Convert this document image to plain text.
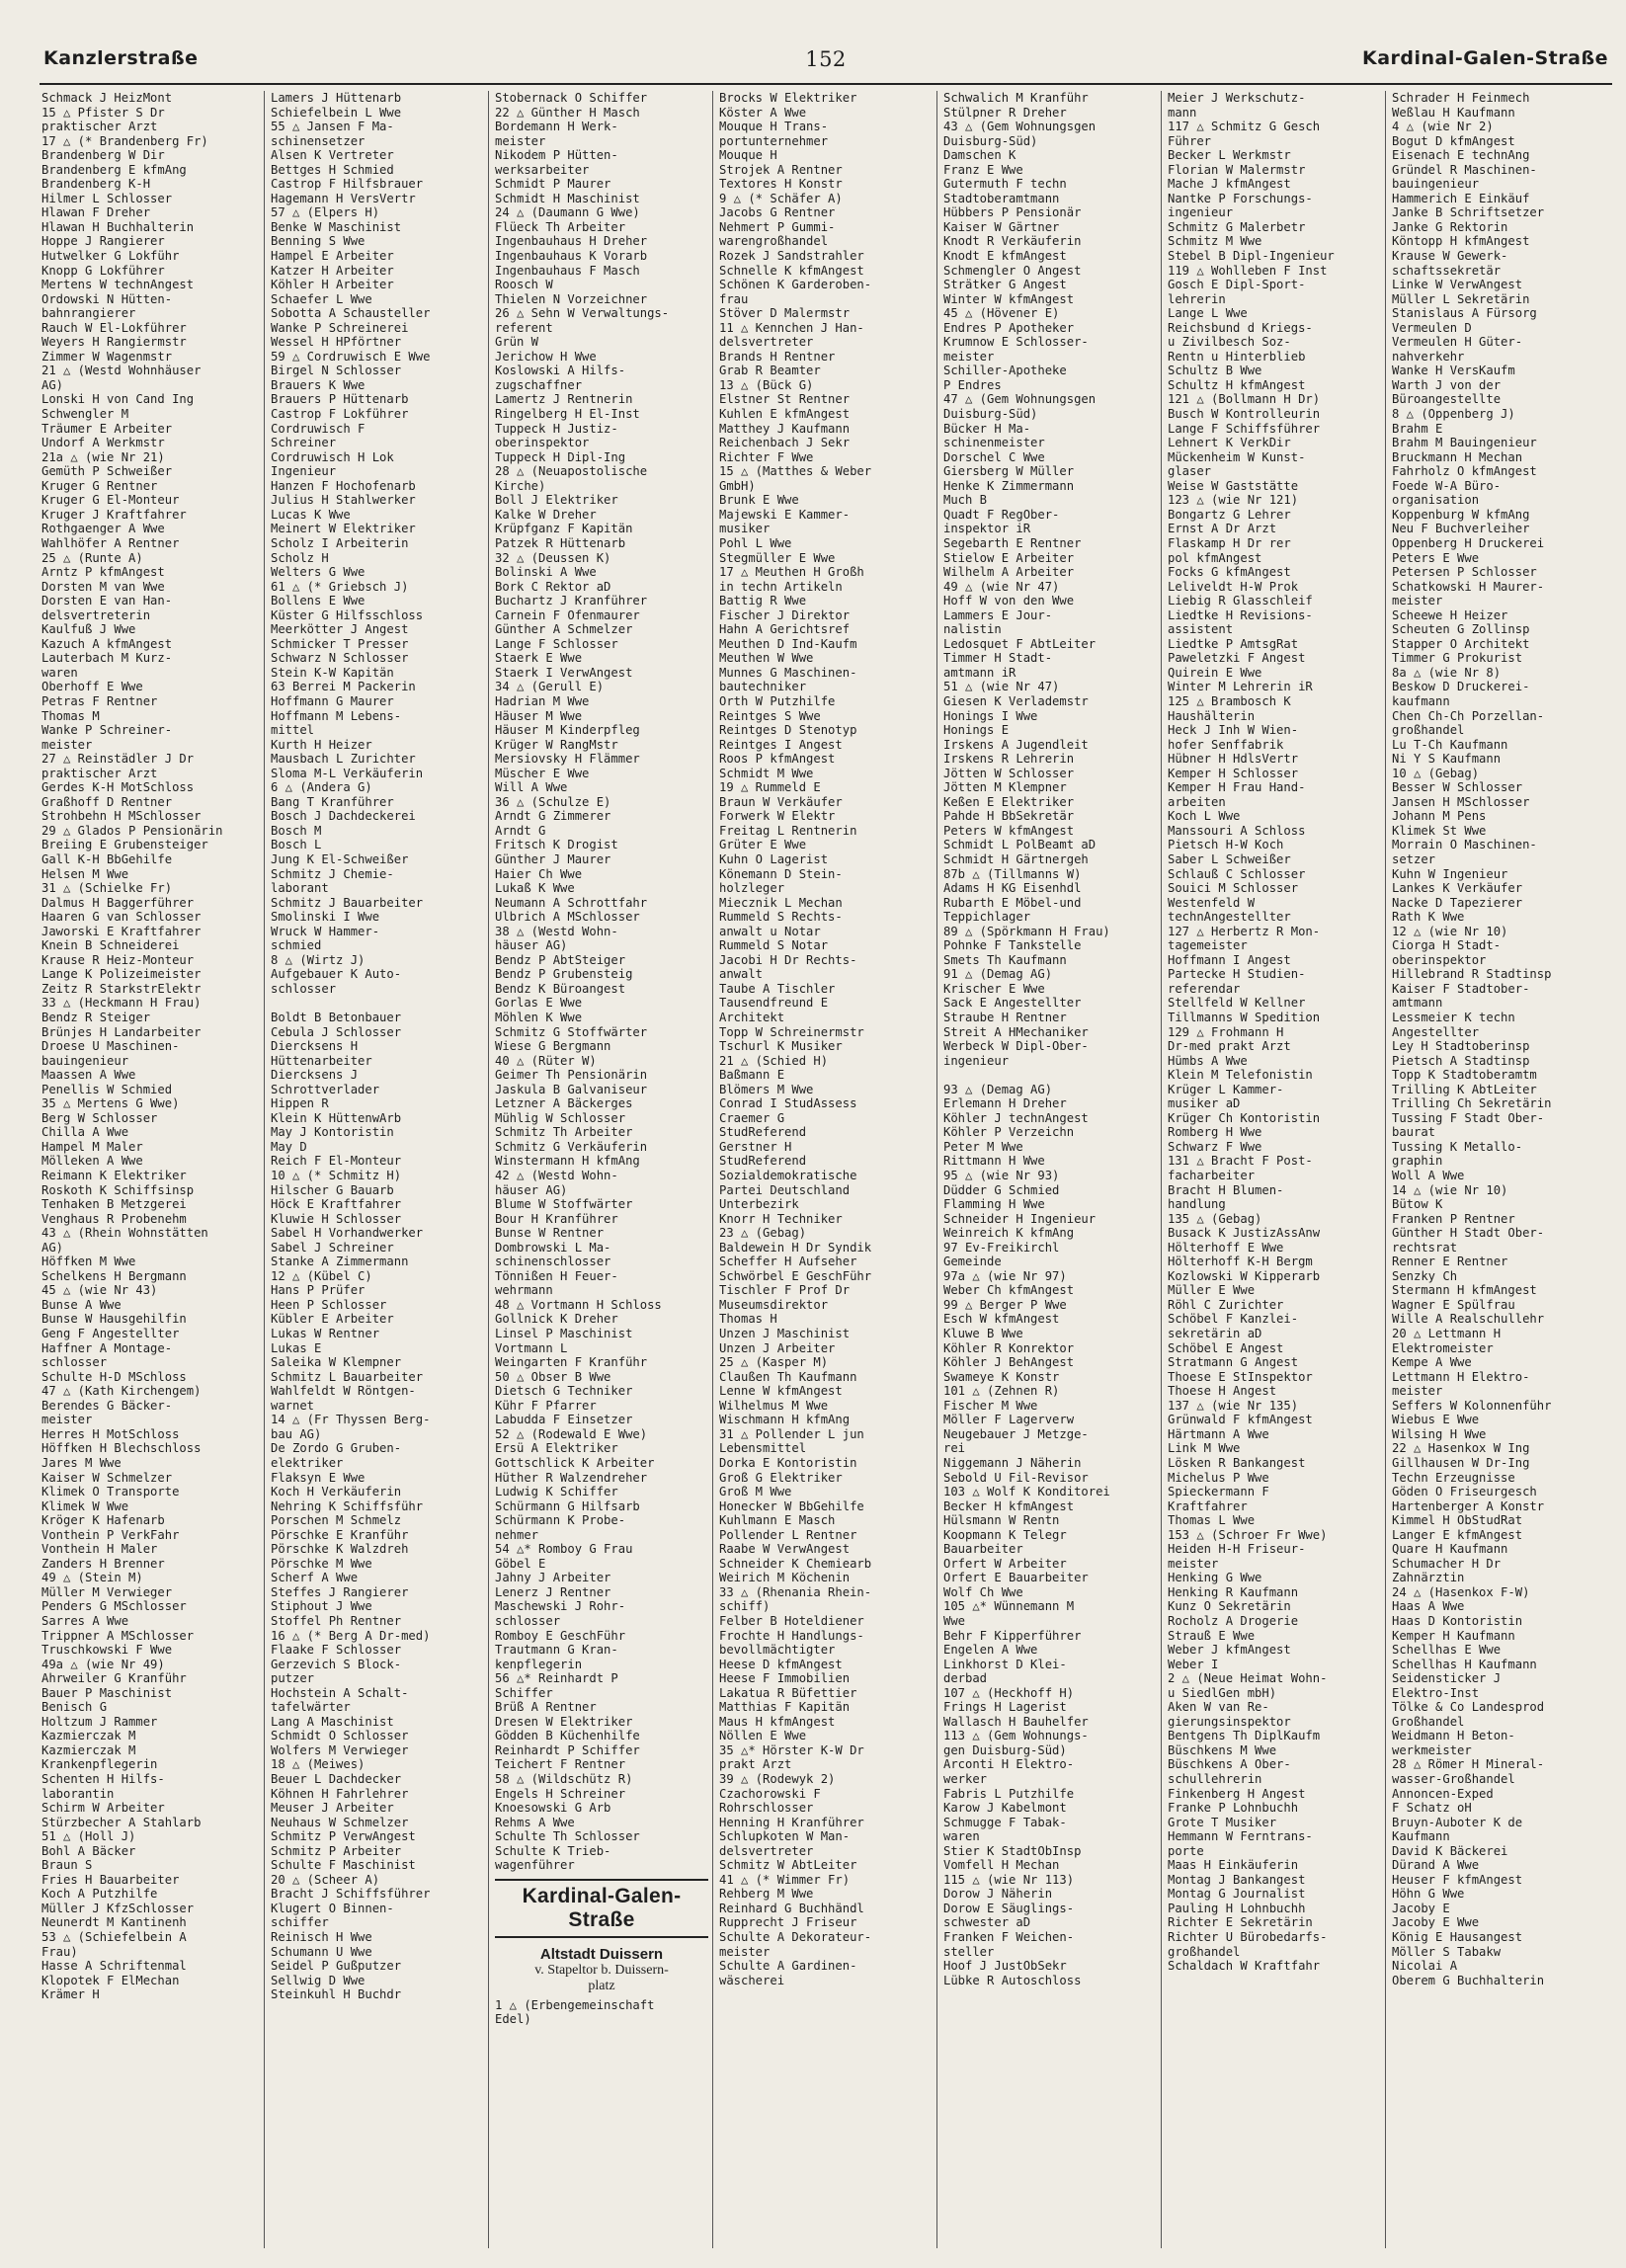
Kanzlerstraße	152	Kardinal-Galen-Straße
Schmack J HeizMont
15 △ Pfister S Dr
praktischer Arzt
17 △ (* Brandenberg Fr)
Brandenberg W Dir
Brandenberg E kfmAng
Brandenberg K-H
Hilmer L Schlosser
Hlawan F Dreher
Hlawan H Buchhalterin
Hoppe J Rangierer
Hutwelker G Lokführ
Knopp G Lokführer
Mertens W technAngest
Ordowski N Hütten-
bahnrangierer
Rauch W El-Lokführer
Weyers H Rangiermstr
Zimmer W Wagenmstr
21 △ (Westd Wohnhäuser
AG)
Lonski H von Cand Ing
Schwengler M
Träumer E Arbeiter
Undorf A Werkmstr
21a △ (wie Nr 21)
Gemüth P Schweißer
Kruger G Rentner
Kruger G El-Monteur
Kruger J Kraftfahrer
Rothgaenger A Wwe
Wahlhöfer A Rentner
25 △ (Runte A)
Arntz P kfmAngest
Dorsten M van Wwe
Dorsten E van Han-
delsvertreterin
Kaulfuß J Wwe
Kazuch A kfmAngest
Lauterbach M Kurz-
waren
Oberhoff E Wwe
Petras F Rentner
Thomas M
Wanke P Schreiner-
meister
27 △ Reinstädler J Dr
praktischer Arzt
Gerdes K-H MotSchloss
Graßhoff D Rentner
Strohbehn H MSchlosser
29 △ Glados P Pensionärin
Breiing E Grubensteiger
Gall K-H BbGehilfe
Helsen M Wwe
31 △ (Schielke Fr)
Dalmus H Baggerführer
Haaren G van Schlosser
Jaworski E Kraftfahrer
Knein B Schneiderei
Krause R Heiz-Monteur
Lange K Polizeimeister
Zeitz R StarkstrElektr
33 △ (Heckmann H Frau)
Bendz R Steiger
Brünjes H Landarbeiter
Droese U Maschinen-
bauingenieur
Maassen A Wwe
Penellis W Schmied
35 △ Mertens G Wwe)
Berg W Schlosser
Chilla A Wwe
Hampel M Maler
Mölleken A Wwe
Reimann K Elektriker
Roskoth K Schiffsinsp
Tenhaken B Metzgerei
Venghaus R Probenehm
43 △ (Rhein Wohnstätten
AG)
Höffken M Wwe
Schelkens H Bergmann
45 △ (wie Nr 43)
Bunse A Wwe
Bunse W Hausgehilfin
Geng F Angestellter
Haffner A Montage-
schlosser
Schulte H-D MSchloss
47 △ (Kath Kirchengem)
Berendes G Bäcker-
meister
Herres H MotSchloss
Höffken H Blechschloss
Jares M Wwe
Kaiser W Schmelzer
Klimek O Transporte
Klimek W Wwe
Kröger K Hafenarb
Vonthein P VerkFahr
Vonthein H Maler
Zanders H Brenner
49 △ (Stein M)
Müller M Verwieger
Penders G MSchlosser
Sarres A Wwe
Trippner A MSchlosser
Truschkowski F Wwe
49a △ (wie Nr 49)
Ahrweiler G Kranführ
Bauer P Maschinist
Benisch G
Holtzum J Rammer
Kazmierczak M
Kazmierczak M
Krankenpflegerin
Schenten H Hilfs-
laborantin
Schirm W Arbeiter
Stürzbecher A Stahlarb
51 △ (Holl J)
Bohl A Bäcker
Braun S
Fries H Bauarbeiter
Koch A Putzhilfe
Müller J KfzSchlosser
Neunerdt M Kantinenh
53 △ (Schiefelbein A
Frau)
Hasse A Schriftenmal
Klopotek F ElMechan
Krämer H
Lamers J Hüttenarb
Schiefelbein L Wwe
55 △ Jansen F Ma-
schinensetzer
Alsen K Vertreter
Bettges H Schmied
Castrop F Hilfsbrauer
Hagemann H VersVertr
57 △ (Elpers H)
Benke W Maschinist
Benning S Wwe
Hampel E Arbeiter
Katzer H Arbeiter
Köhler H Arbeiter
Schaefer L Wwe
Sobotta A Schausteller
Wanke P Schreinerei
Wessel H HPförtner
59 △ Cordruwisch E Wwe
Birgel N Schlosser
Brauers K Wwe
Brauers P Hüttenarb
Castrop F Lokführer
Cordruwisch F
Schreiner
Cordruwisch H Lok
Ingenieur
Hanzen F Hochofenarb
Julius H Stahlwerker
Lucas K Wwe
Meinert W Elektriker
Scholz I Arbeiterin
Scholz H
Welters G Wwe
61 △ (* Griebsch J)
Bollens E Wwe
Küster G Hilfsschloss
Meerkötter J Angest
Schmicker T Presser
Schwarz N Schlosser
Stein K-W Kapitän
63 Berrei M Packerin
Hoffmann G Maurer
Hoffmann M Lebens-
mittel
Kurth H Heizer
Mausbach L Zurichter
Sloma M-L Verkäuferin
6 △ (Andera G)
Bang T Kranführer
Bosch J Dachdeckerei
Bosch M
Bosch L
Jung K El-Schweißer
Schmitz J Chemie-
laborant
Schmitz J Bauarbeiter
Smolinski I Wwe
Wruck W Hammer-
schmied
8 △ (Wirtz J)
Aufgebauer K Auto-
schlosser

Boldt B Betonbauer
Cebula J Schlosser
Diercksens H
Hüttenarbeiter
Diercksens J
Schrottverlader
Hippen R
Klein K HüttenwArb
May J Kontoristin
May D
Reich F El-Monteur
10 △ (* Schmitz H)
Hilscher G Bauarb
Höck E Kraftfahrer
Kluwie H Schlosser
Sabel H Vorhandwerker
Sabel J Schreiner
Stanke A Zimmermann
12 △ (Kübel C)
Hans P Prüfer
Heen P Schlosser
Kübler E Arbeiter
Lukas W Rentner
Lukas E
Saleika W Klempner
Schmitz L Bauarbeiter
Wahlfeldt W Röntgen-
warnet
14 △ (Fr Thyssen Berg-
bau AG)
De Zordo G Gruben-
elektriker
Flaksyn E Wwe
Koch H Verkäuferin
Nehring K Schiffsführ
Porschen M Schmelz
Pörschke E Kranführ
Pörschke K Walzdreh
Pörschke M Wwe
Scherf A Wwe
Steffes J Rangierer
Stiphout J Wwe
Stoffel Ph Rentner
16 △ (* Berg A Dr-med)
Flaake F Schlosser
Gerzevich S Block-
putzer
Hochstein A Schalt-
tafelwärter
Lang A Maschinist
Schmidt O Schlosser
Wolfers M Verwieger
18 △ (Meiwes)
Beuer L Dachdecker
Köhnen H Fahrlehrer
Meuser J Arbeiter
Neuhaus W Schmelzer
Schmitz P VerwAngest
Schmitz P Arbeiter
Schulte F Maschinist
20 △ (Scheer A)
Bracht J Schiffsführer
Klugert O Binnen-
schiffer
Reinisch H Wwe
Schumann U Wwe
Seidel P Gußputzer
Sellwig D Wwe
Steinkuhl H Buchdr
Stobernack O Schiffer
22 △ Günther H Masch
Bordemann H Werk-
meister
Nikodem P Hütten-
werksarbeiter
Schmidt P Maurer
Schmidt H Maschinist
24 △ (Daumann G Wwe)
Flüeck Th Arbeiter
Ingenbauhaus H Dreher
Ingenbauhaus K Vorarb
Ingenbauhaus F Masch
Roosch W
Thielen N Vorzeichner
26 △ Sehn W Verwaltungs-
referent
Grün W
Jerichow H Wwe
Koslowski A Hilfs-
zugschaffner
Lamertz J Rentnerin
Ringelberg H El-Inst
Tuppeck H Justiz-
oberinspektor
Tuppeck H Dipl-Ing
28 △ (Neuapostolische
Kirche)
Boll J Elektriker
Kalke W Dreher
Krüpfganz F Kapitän
Patzek R Hüttenarb
32 △ (Deussen K)
Bolinski A Wwe
Bork C Rektor aD
Buchartz J Kranführer
Carnein F Ofenmaurer
Günther A Schmelzer
Lange F Schlosser
Staerk E Wwe
Staerk I VerwAngest
34 △ (Gerull E)
Hadrian M Wwe
Häuser M Wwe
Häuser M Kinderpfleg
Krüger W RangMstr
Mersiovsky H Flämmer
Müscher E Wwe
Will A Wwe
36 △ (Schulze E)
Arndt G Zimmerer
Arndt G
Fritsch K Drogist
Günther J Maurer
Haier Ch Wwe
Lukaß K Wwe
Neumann A Schrottfahr
Ulbrich A MSchlosser
38 △ (Westd Wohn-
häuser AG)
Bendz P AbtSteiger
Bendz P Grubensteig
Bendz K Büroangest
Gorlas E Wwe
Möhlen K Wwe
Schmitz G Stoffwärter
Wiese G Bergmann
40 △ (Rüter W)
Geimer Th Pensionärin
Jaskula B Galvaniseur
Letzner A Bäckerges
Mühlig W Schlosser
Schmitz Th Arbeiter
Schmitz G Verkäuferin
Winstermann H kfmAng
42 △ (Westd Wohn-
häuser AG)
Blume W Stoffwärter
Bour H Kranführer
Bunse W Rentner
Dombrowski L Ma-
schinenschlosser
Tönnißen H Feuer-
wehrmann
48 △ Vortmann H Schloss
Gollnick K Dreher
Linsel P Maschinist
Vortmann L
Weingarten F Kranführ
50 △ Obser B Wwe
Dietsch G Techniker
Kühr F Pfarrer
Labudda F Einsetzer
52 △ (Rodewald E Wwe)
Ersü A Elektriker
Gottschlick K Arbeiter
Hüther R Walzendreher
Ludwig K Schiffer
Schürmann G Hilfsarb
Schürmann K Probe-
nehmer
54 △* Romboy G Frau
Göbel E
Jahny J Arbeiter
Lenerz J Rentner
Maschewski J Rohr-
schlosser
Romboy E GeschFühr
Trautmann G Kran-
kenpflegerin
56 △* Reinhardt P
Schiffer
Brüß A Rentner
Dresen W Elektriker
Gödden B Küchenhilfe
Reinhardt P Schiffer
Teichert F Rentner
58 △ (Wildschütz R)
Engels H Schreiner
Knoesowski G Arb
Rehms A Wwe
Schulte Th Schlosser
Schulte K Trieb-
wagenführer
Kardinal-Galen-Straße
Altstadt Duissern
v. Stapeltor b. Duissern-
platz
1 △ (Erbengemeinschaft
Edel)
Brocks W Elektriker
Köster A Wwe
Mouque H Trans-
portunternehmer
Mouque H
Strojek A Rentner
Textores H Konstr
9 △ (* Schäfer A)
Jacobs G Rentner
Nehmert P Gummi-
warengroßhandel
Rozek J Sandstrahler
Schnelle K kfmAngest
Schönen K Garderoben-
frau
Stöver D Malermstr
11 △ Kennchen J Han-
delsvertreter
Brands H Rentner
Grab R Beamter
13 △ (Bück G)
Elstner St Rentner
Kuhlen E kfmAngest
Matthey J Kaufmann
Reichenbach J Sekr
Richter F Wwe
15 △ (Matthes & Weber
GmbH)
Brunk E Wwe
Majewski E Kammer-
musiker
Pohl L Wwe
Stegmüller E Wwe
17 △ Meuthen H Großh
in techn Artikeln
Battig R Wwe
Fischer J Direktor
Hahn A Gerichtsref
Meuthen D Ind-Kaufm
Meuthen W Wwe
Munnes G Maschinen-
bautechniker
Orth W Putzhilfe
Reintges S Wwe
Reintges D Stenotyp
Reintges I Angest
Roos P kfmAngest
Schmidt M Wwe
19 △ Rummeld E
Braun W Verkäufer
Forwerk W Elektr
Freitag L Rentnerin
Grüter E Wwe
Kuhn O Lagerist
Könemann D Stein-
holzleger
Miecznik L Mechan
Rummeld S Rechts-
anwalt u Notar
Rummeld S Notar
Jacobi H Dr Rechts-
anwalt
Taube A Tischler
Tausendfreund E
Architekt
Topp W Schreinermstr
Tschurl K Musiker
21 △ (Schied H)
Baßmann E
Blömers M Wwe
Conrad I StudAssess
Craemer G
StudReferend
Gerstner H
StudReferend
Sozialdemokratische
Partei Deutschland
Unterbezirk
Knorr H Techniker
23 △ (Gebag)
Baldewein H Dr Syndik
Scheffer H Aufseher
Schwörbel E GeschFühr
Tischler F Prof Dr
Museumsdirektor
Thomas H
Unzen J Maschinist
Unzen J Arbeiter
25 △ (Kasper M)
Claußen Th Kaufmann
Lenne W kfmAngest
Wilhelmus M Wwe
Wischmann H kfmAng
31 △ Pollender L jun
Lebensmittel
Dorka E Kontoristin
Groß G Elektriker
Groß M Wwe
Honecker W BbGehilfe
Kuhlmann E Masch
Pollender L Rentner
Raabe W VerwAngest
Schneider K Chemiearb
Weirich M Köchenin
33 △ (Rhenania Rhein-
schiff)
Felber B Hoteldiener
Frochte H Handlungs-
bevollmächtigter
Heese D kfmAngest
Heese F Immobilien
Lakatua R Büfettier
Matthias F Kapitän
Maus H kfmAngest
Nöllen E Wwe
35 △* Hörster K-W Dr
prakt Arzt
39 △ (Rodewyk 2)
Czachorowski F
Rohrschlosser
Henning H Kranführer
Schlupkoten W Man-
delsvertreter
Schmitz W AbtLeiter
41 △ (* Wimmer Fr)
Rehberg M Wwe
Reinhard G Buchhändl
Rupprecht J Friseur
Schulte A Dekorateur-
meister
Schulte A Gardinen-
wäscherei
Schwalich M Kranführ
Stülpner R Dreher
43 △ (Gem Wohnungsgen
Duisburg-Süd)
Damschen K
Franz E Wwe
Gutermuth F techn
Stadtoberamtmann
Hübbers P Pensionär
Kaiser W Gärtner
Knodt R Verkäuferin
Knodt E kfmAngest
Schmengler O Angest
Strätker G Angest
Winter W kfmAngest
45 △ (Hövener E)
Endres P Apotheker
Krumnow E Schlosser-
meister
Schiller-Apotheke
P Endres
47 △ (Gem Wohnungsgen
Duisburg-Süd)
Bücker H Ma-
schinenmeister
Dorschel C Wwe
Giersberg W Müller
Henke K Zimmermann
Much B
Quadt F RegOber-
inspektor iR
Segebarth E Rentner
Stielow E Arbeiter
Wilhelm A Arbeiter
49 △ (wie Nr 47)
Hoff W von den Wwe
Lammers E Jour-
nalistin
Ledosquet F AbtLeiter
Timmer H Stadt-
amtmann iR
51 △ (wie Nr 47)
Giesen K Verlademstr
Honings I Wwe
Honings E
Irskens A Jugendleit
Irskens R Lehrerin
Jötten W Schlosser
Jötten M Klempner
Keßen E Elektriker
Pahde H BbSekretär
Peters W kfmAngest
Schmidt L PolBeamt aD
Schmidt H Gärtnergeh
87b △ (Tillmanns W)
Adams H KG Eisenhdl
Rubarth E Möbel-und
Teppichlager
89 △ (Spörkmann H Frau)
Pohnke F Tankstelle
Smets Th Kaufmann
91 △ (Demag AG)
Krischer E Wwe
Sack E Angestellter
Straube H Rentner
Streit A HMechaniker
Werbeck W Dipl-Ober-
ingenieur

93 △ (Demag AG)
Erlemann H Dreher
Köhler J technAngest
Köhler P Verzeichn
Peter M Wwe
Rittmann H Wwe
95 △ (wie Nr 93)
Düdder G Schmied
Flamming H Wwe
Schneider H Ingenieur
Weinreich K kfmAng
97 Ev-Freikirchl
Gemeinde
97a △ (wie Nr 97)
Weber Ch kfmAngest
99 △ Berger P Wwe
Esch W kfmAngest
Kluwe B Wwe
Köhler R Konrektor
Köhler J BehAngest
Swameye K Konstr
101 △ (Zehnen R)
Fischer M Wwe
Möller F Lagerverw
Neugebauer J Metzge-
rei
Niggemann J Näherin
Sebold U Fil-Revisor
103 △ Wolf K Konditorei
Becker H kfmAngest
Hülsmann W Rentn
Koopmann K Telegr
Bauarbeiter
Orfert W Arbeiter
Orfert E Bauarbeiter
Wolf Ch Wwe
105 △* Wünnemann M
Wwe
Behr F Kipperführer
Engelen A Wwe
Linkhorst D Klei-
derbad
107 △ (Heckhoff H)
Frings H Lagerist
Wallasch H Bauhelfer
113 △ (Gem Wohnungs-
gen Duisburg-Süd)
Arconti H Elektro-
werker
Fabris L Putzhilfe
Karow J Kabelmont
Schmugge F Tabak-
waren
Stier K StadtObInsp
Vomfell H Mechan
115 △ (wie Nr 113)
Dorow J Näherin
Dorow E Säuglings-
schwester aD
Franken F Weichen-
steller
Hoof J JustObSekr
Lübke R Autoschloss
Meier J Werkschutz-
mann
117 △ Schmitz G Gesch
Führer
Becker L Werkmstr
Florian W Malermstr
Mache J kfmAngest
Nantke P Forschungs-
ingenieur
Schmitz G Malerbetr
Schmitz M Wwe
Stebel B Dipl-Ingenieur
119 △ Wohlleben F Inst
Gosch E Dipl-Sport-
lehrerin
Lange L Wwe
Reichsbund d Kriegs-
u Zivilbesch Soz-
Rentn u Hinterblieb
Schultz B Wwe
Schultz H kfmAngest
121 △ (Bollmann H Dr)
Busch W Kontrolleurin
Lange F Schiffsführer
Lehnert K VerkDir
Mückenheim W Kunst-
glaser
Weise W Gaststätte
123 △ (wie Nr 121)
Bongartz G Lehrer
Ernst A Dr Arzt
Flaskamp H Dr rer
pol kfmAngest
Focks G kfmAngest
Leliveldt H-W Prok
Liebig R Glasschleif
Liedtke H Revisions-
assistent
Liedtke P AmtsgRat
Paweletzki F Angest
Quirein E Wwe
Winter M Lehrerin iR
125 △ Brambosch K
Haushälterin
Heck J Inh W Wien-
hofer Senffabrik
Hübner H HdlsVertr
Kemper H Schlosser
Kemper H Frau Hand-
arbeiten
Koch L Wwe
Manssouri A Schloss
Pietsch H-W Koch
Saber L Schweißer
Schlauß C Schlosser
Souici M Schlosser
Westenfeld W
technAngestellter
127 △ Herbertz R Mon-
tagemeister
Hoffmann I Angest
Partecke H Studien-
referendar
Stellfeld W Kellner
Tillmanns W Spedition
129 △ Frohmann H
Dr-med prakt Arzt
Hümbs A Wwe
Klein M Telefonistin
Krüger L Kammer-
musiker aD
Krüger Ch Kontoristin
Romberg H Wwe
Schwarz F Wwe
131 △ Bracht F Post-
facharbeiter
Bracht H Blumen-
handlung
135 △ (Gebag)
Busack K JustizAssAnw
Hölterhoff E Wwe
Hölterhoff K-H Bergm
Kozlowski W Kipperarb
Müller E Wwe
Röhl C Zurichter
Schöbel F Kanzlei-
sekretärin aD
Schöbel E Angest
Stratmann G Angest
Thoese E StInspektor
Thoese H Angest
137 △ (wie Nr 135)
Grünwald F kfmAngest
Härtmann A Wwe
Link M Wwe
Lösken R Bankangest
Michelus P Wwe
Spieckermann F
Kraftfahrer
Thomas L Wwe
153 △ (Schroer Fr Wwe)
Heiden H-H Friseur-
meister
Henking G Wwe
Henking R Kaufmann
Kunz O Sekretärin
Rocholz A Drogerie
Strauß E Wwe
Weber J kfmAngest
Weber I
2 △ (Neue Heimat Wohn-
u SiedlGen mbH)
Aken W van Re-
gierungsinspektor
Bentgens Th DiplKaufm
Büschkens M Wwe
Büschkens A Ober-
schullehrerin
Finkenberg H Angest
Franke P Lohnbuchh
Grote T Musiker
Hemmann W Ferntrans-
porte
Maas H Einkäuferin
Montag J Bankangest
Montag G Journalist
Pauling H Lohnbuchh
Richter E Sekretärin
Richter U Bürobedarfs-
großhandel
Schaldach W Kraftfahr
Schrader H Feinmech
Weßlau H Kaufmann
4 △ (wie Nr 2)
Bogut D kfmAngest
Eisenach E technAng
Gründel R Maschinen-
bauingenieur
Hammerich E Einkäuf
Janke B Schriftsetzer
Janke G Rektorin
Köntopp H kfmAngest
Krause W Gewerk-
schaftssekretär
Linke W VerwAngest
Müller L Sekretärin
Stanislaus A Fürsorg
Vermeulen D
Vermeulen H Güter-
nahverkehr
Wanke H VersKaufm
Warth J von der
Büroangestellte
8 △ (Oppenberg J)
Brahm E
Brahm M Bauingenieur
Bruckmann H Mechan
Fahrholz O kfmAngest
Foede W-A Büro-
organisation
Koppenburg W kfmAng
Neu F Buchverleiher
Oppenberg H Druckerei
Peters E Wwe
Petersen P Schlosser
Schatkowski H Maurer-
meister
Scheewe H Heizer
Scheuten G Zollinsp
Stapper O Architekt
Timmer G Prokurist
8a △ (wie Nr 8)
Beskow D Druckerei-
kaufmann
Chen Ch-Ch Porzellan-
großhandel
Lu T-Ch Kaufmann
Ni Y S Kaufmann
10 △ (Gebag)
Besser W Schlosser
Jansen H MSchlosser
Johann M Pens
Klimek St Wwe
Morrain O Maschinen-
setzer
Kuhn W Ingenieur
Lankes K Verkäufer
Nacke D Tapezierer
Rath K Wwe
12 △ (wie Nr 10)
Ciorga H Stadt-
oberinspektor
Hillebrand R Stadtinsp
Kaiser F Stadtober-
amtmann
Lessmeier K techn
Angestellter
Ley H Stadtoberinsp
Pietsch A Stadtinsp
Topp K Stadtoberamtm
Trilling K AbtLeiter
Trilling Ch Sekretärin
Tussing F Stadt Ober-
baurat
Tussing K Metallo-
graphin
Woll A Wwe
14 △ (wie Nr 10)
Bütow K
Franken P Rentner
Günther H Stadt Ober-
rechtsrat
Renner E Rentner
Senzky Ch
Stermann H kfmAngest
Wagner E Spülfrau
Wille A Realschullehr
20 △ Lettmann H
Elektromeister
Kempe A Wwe
Lettmann H Elektro-
meister
Seffers W Kolonnenführ
Wiebus E Wwe
Wilsing H Wwe
22 △ Hasenkox W Ing
Gillhausen W Dr-Ing
Techn Erzeugnisse
Göden O Friseurgesch
Hartenberger A Konstr
Kimmel H ObStudRat
Langer E kfmAngest
Quare H Kaufmann
Schumacher H Dr
Zahnärztin
24 △ (Hasenkox F-W)
Haas A Wwe
Haas D Kontoristin
Kemper H Kaufmann
Schellhas E Wwe
Schellhas H Kaufmann
Seidensticker J
Elektro-Inst
Tölke & Co Landesprod
Großhandel
Weidmann H Beton-
werkmeister
28 △ Römer H Mineral-
wasser-Großhandel
Annoncen-Exped
F Schatz oH
Bruyn-Auboter K de
Kaufmann
David K Bäckerei
Dürand A Wwe
Heuser F kfmAngest
Höhn G Wwe
Jacoby E
Jacoby E Wwe
König E Hausangest
Möller S Tabakw
Nicolai A
Oberem G Buchhalterin
